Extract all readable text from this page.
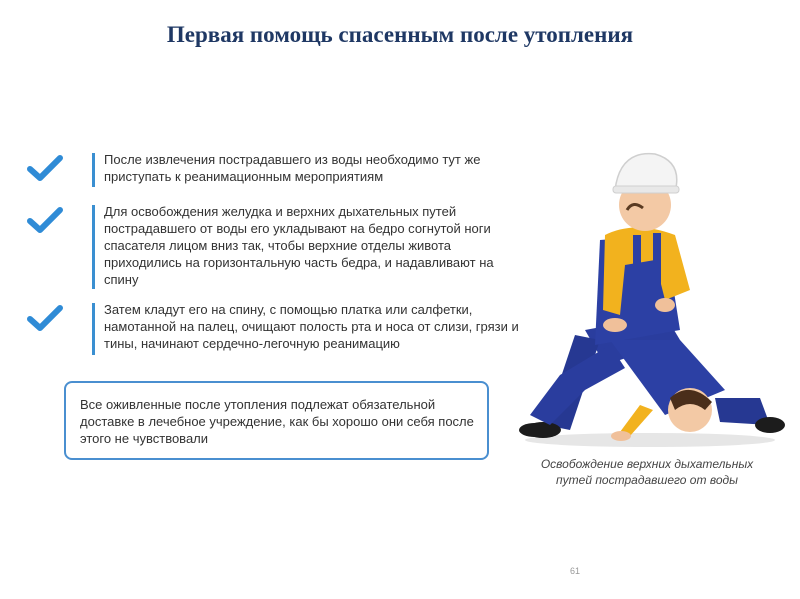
Первая помощь спасенным после утопления
После извлечения пострадавшего из воды необходимо тут же приступать к реанимационным мероприятиям
Для освобождения желудка и верхних дыхательных путей пострадавшего от воды его укладывают на бедро согнутой ноги спасателя лицом вниз так, чтобы верхние отделы живота приходились на горизонтальную часть бедра, и надавливают на спину
Затем кладут его на спину, с помощью платка или салфетки, намотанной на палец, очищают полость рта и носа от слизи, грязи и тины, начинают сердечно-легочную реанимацию
Все оживленные после утопления подлежат обязательной доставке в лечебное учреждение, как бы хорошо они себя после этого не чувствовали
Освобождение верхних дыхательных путей пострадавшего от воды
61
